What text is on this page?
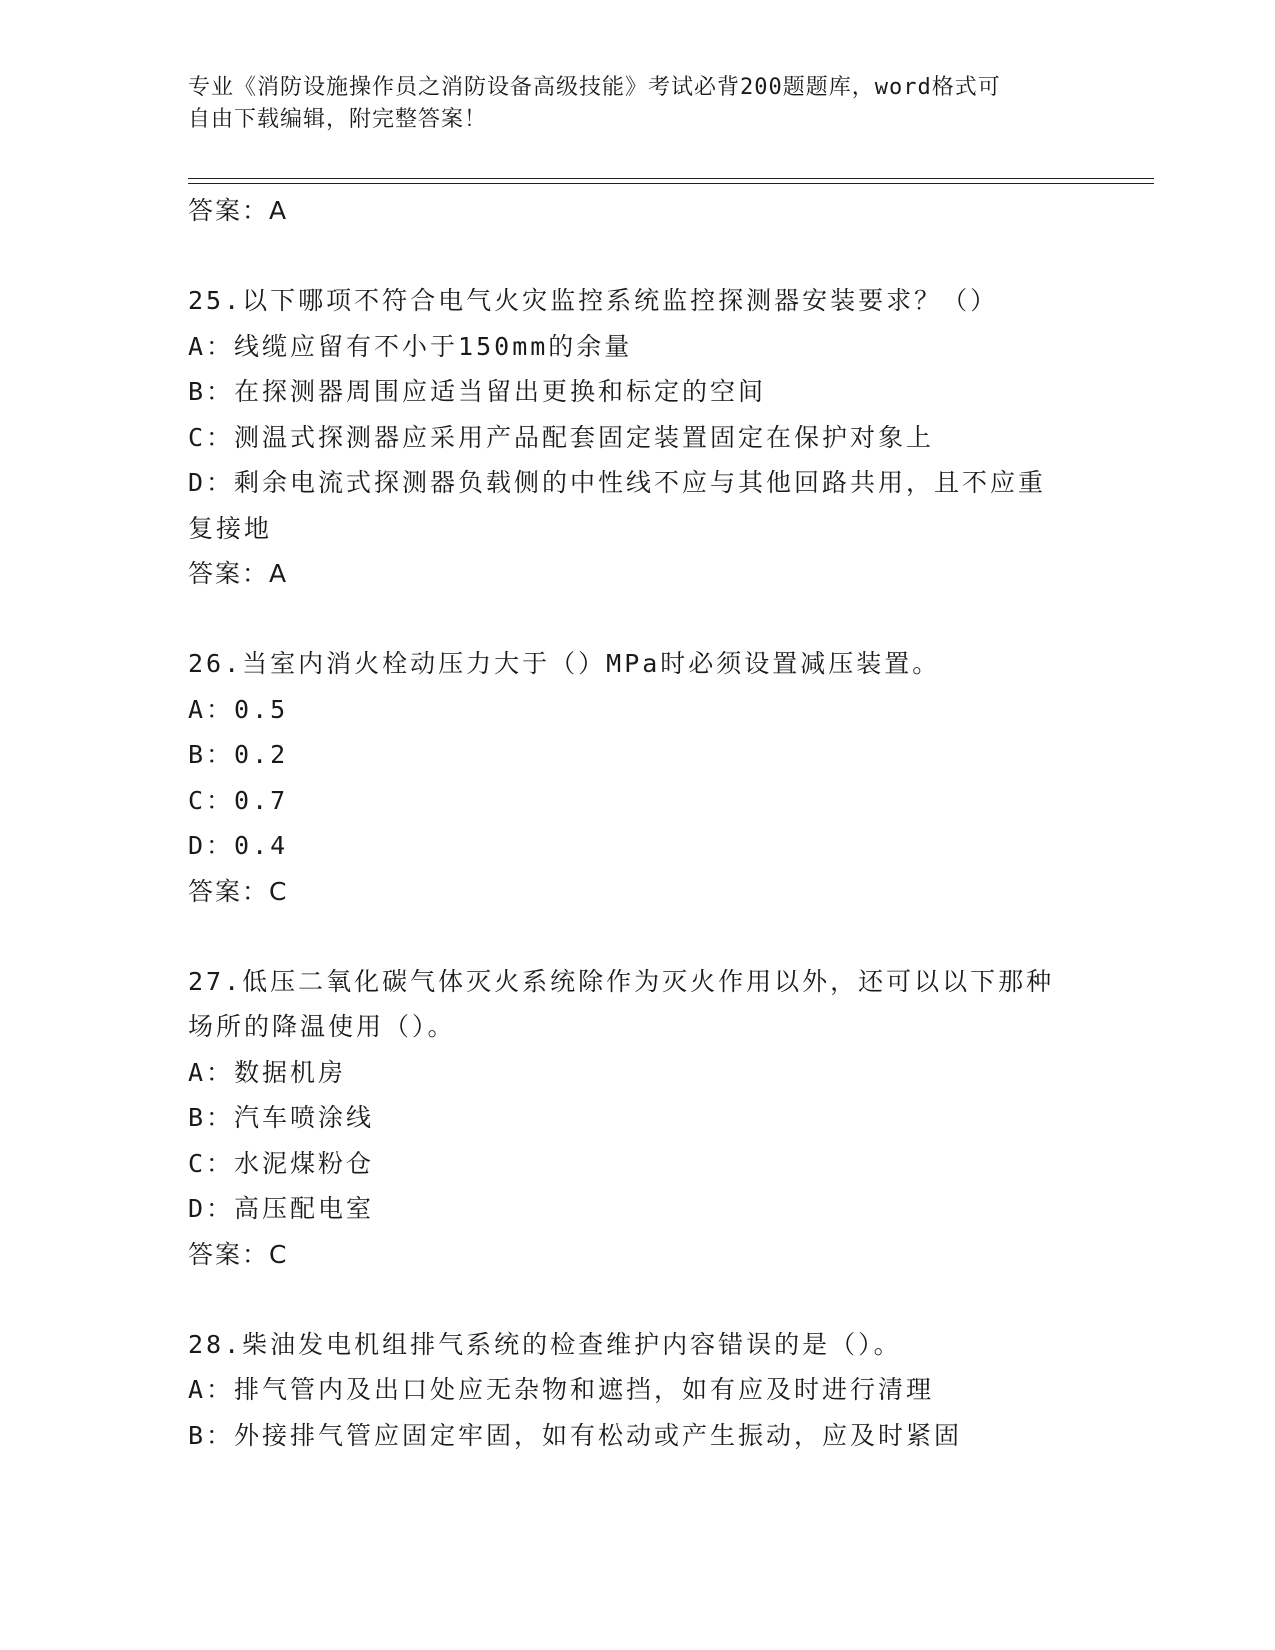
专业《消防设施操作员之消防设备高级技能》考试必背200题题库，word格式可
自由下载编辑，附完整答案！
答案：A
25.以下哪项不符合电气火灾监控系统监控探测器安装要求？（）
A：线缆应留有不小于150mm的余量
B：在探测器周围应适当留出更换和标定的空间
C：测温式探测器应采用产品配套固定装置固定在保护对象上
D：剩余电流式探测器负载侧的中性线不应与其他回路共用，且不应重
复接地
答案：A
26.当室内消火栓动压力大于（）MPa时必须设置减压装置。
A：0.5
B：0.2
C：0.7
D：0.4
答案：C
27.低压二氧化碳气体灭火系统除作为灭火作用以外，还可以以下那种
场所的降温使用（）。
A：数据机房
B：汽车喷涂线
C：水泥煤粉仓
D：高压配电室
答案：C
28.柴油发电机组排气系统的检查维护内容错误的是（）。
A：排气管内及出口处应无杂物和遮挡，如有应及时进行清理
B：外接排气管应固定牢固，如有松动或产生振动，应及时紧固
